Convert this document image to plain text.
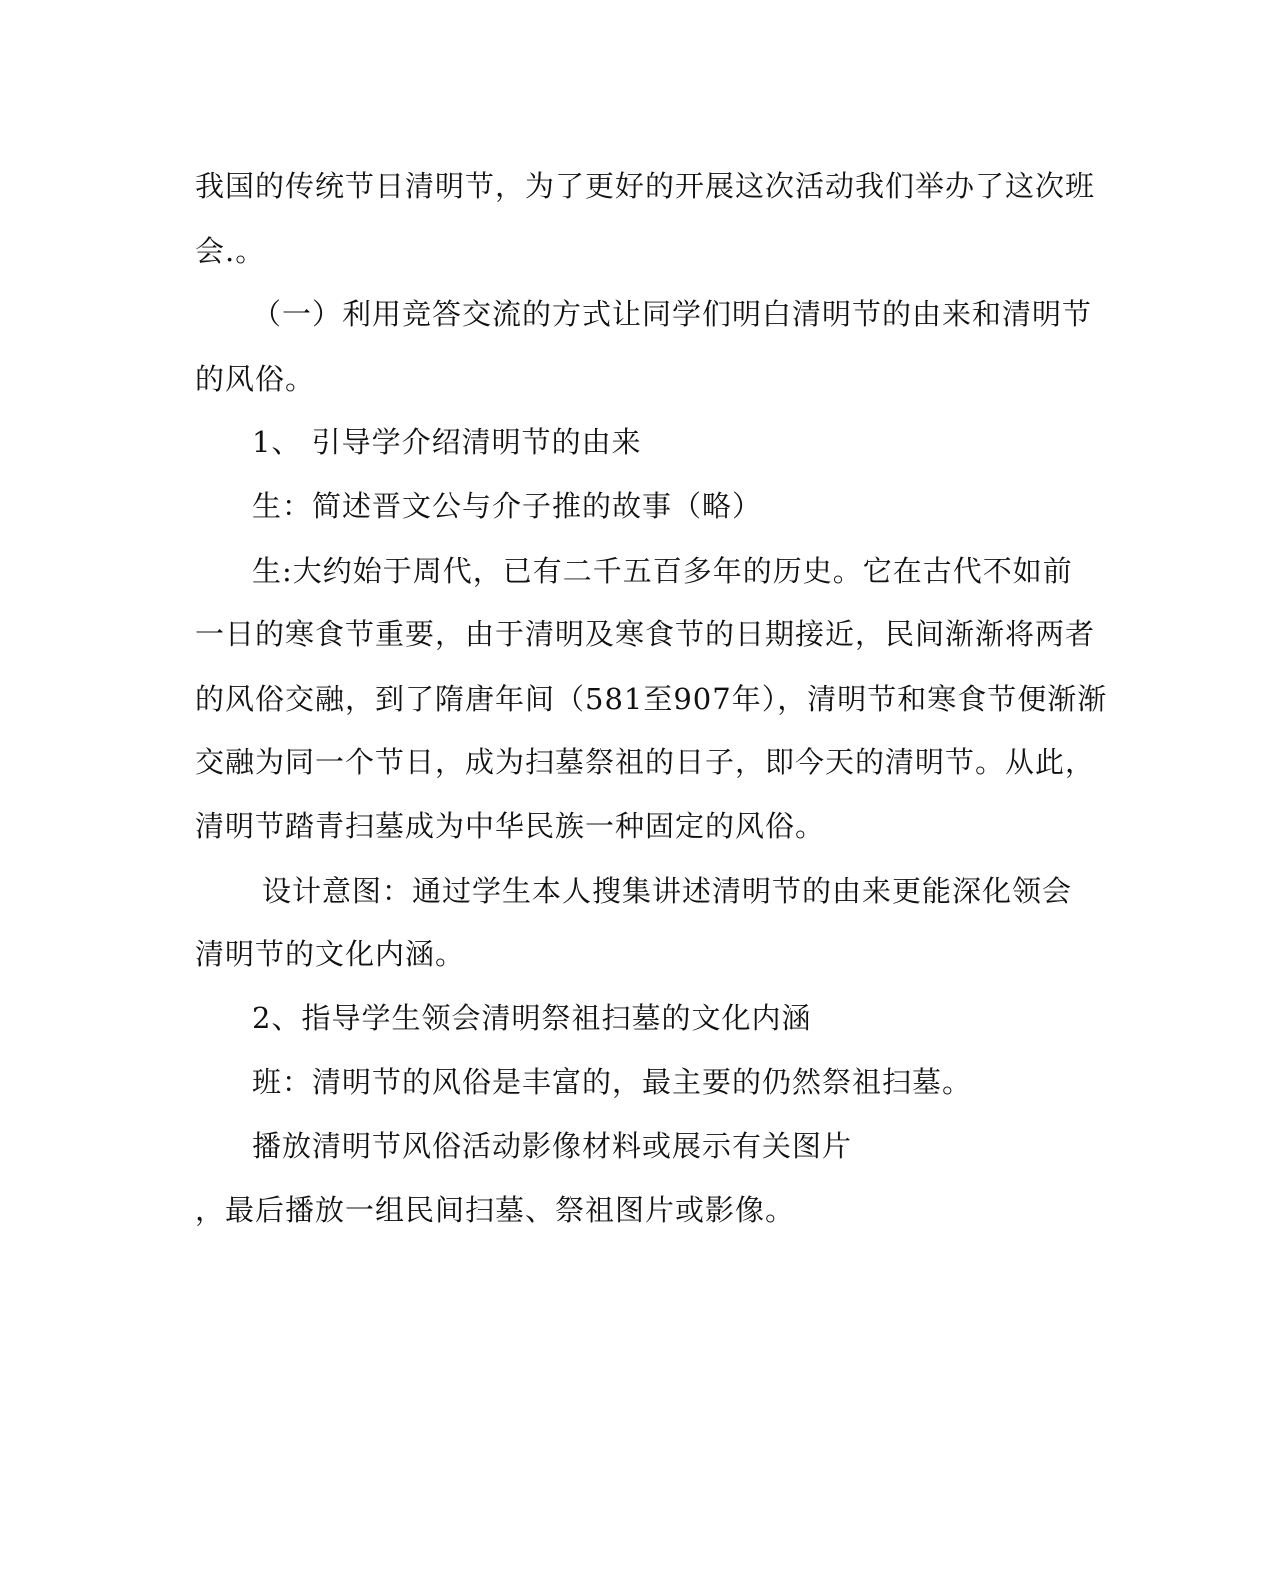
我国的传统节日清明节，为了更好的开展这次活动我们举办了这次班
会.。
（一）利用竞答交流的方式让同学们明白清明节的由来和清明节
的风俗。
1、 引导学介绍清明节的由来
生：简述晋文公与介子推的故事（略）
生:大约始于周代，已有二千五百多年的历史。它在古代不如前
一日的寒食节重要，由于清明及寒食节的日期接近，民间渐渐将两者
的风俗交融，到了隋唐年间（581至907年），清明节和寒食节便渐渐
交融为同一个节日，成为扫墓祭祖的日子，即今天的清明节。从此，
清明节踏青扫墓成为中华民族一种固定的风俗。
设计意图：通过学生本人搜集讲述清明节的由来更能深化领会
清明节的文化内涵。
2、指导学生领会清明祭祖扫墓的文化内涵
班：清明节的风俗是丰富的，最主要的仍然祭祖扫墓。
播放清明节风俗活动影像材料或展示有关图片
，最后播放一组民间扫墓、祭祖图片或影像。
